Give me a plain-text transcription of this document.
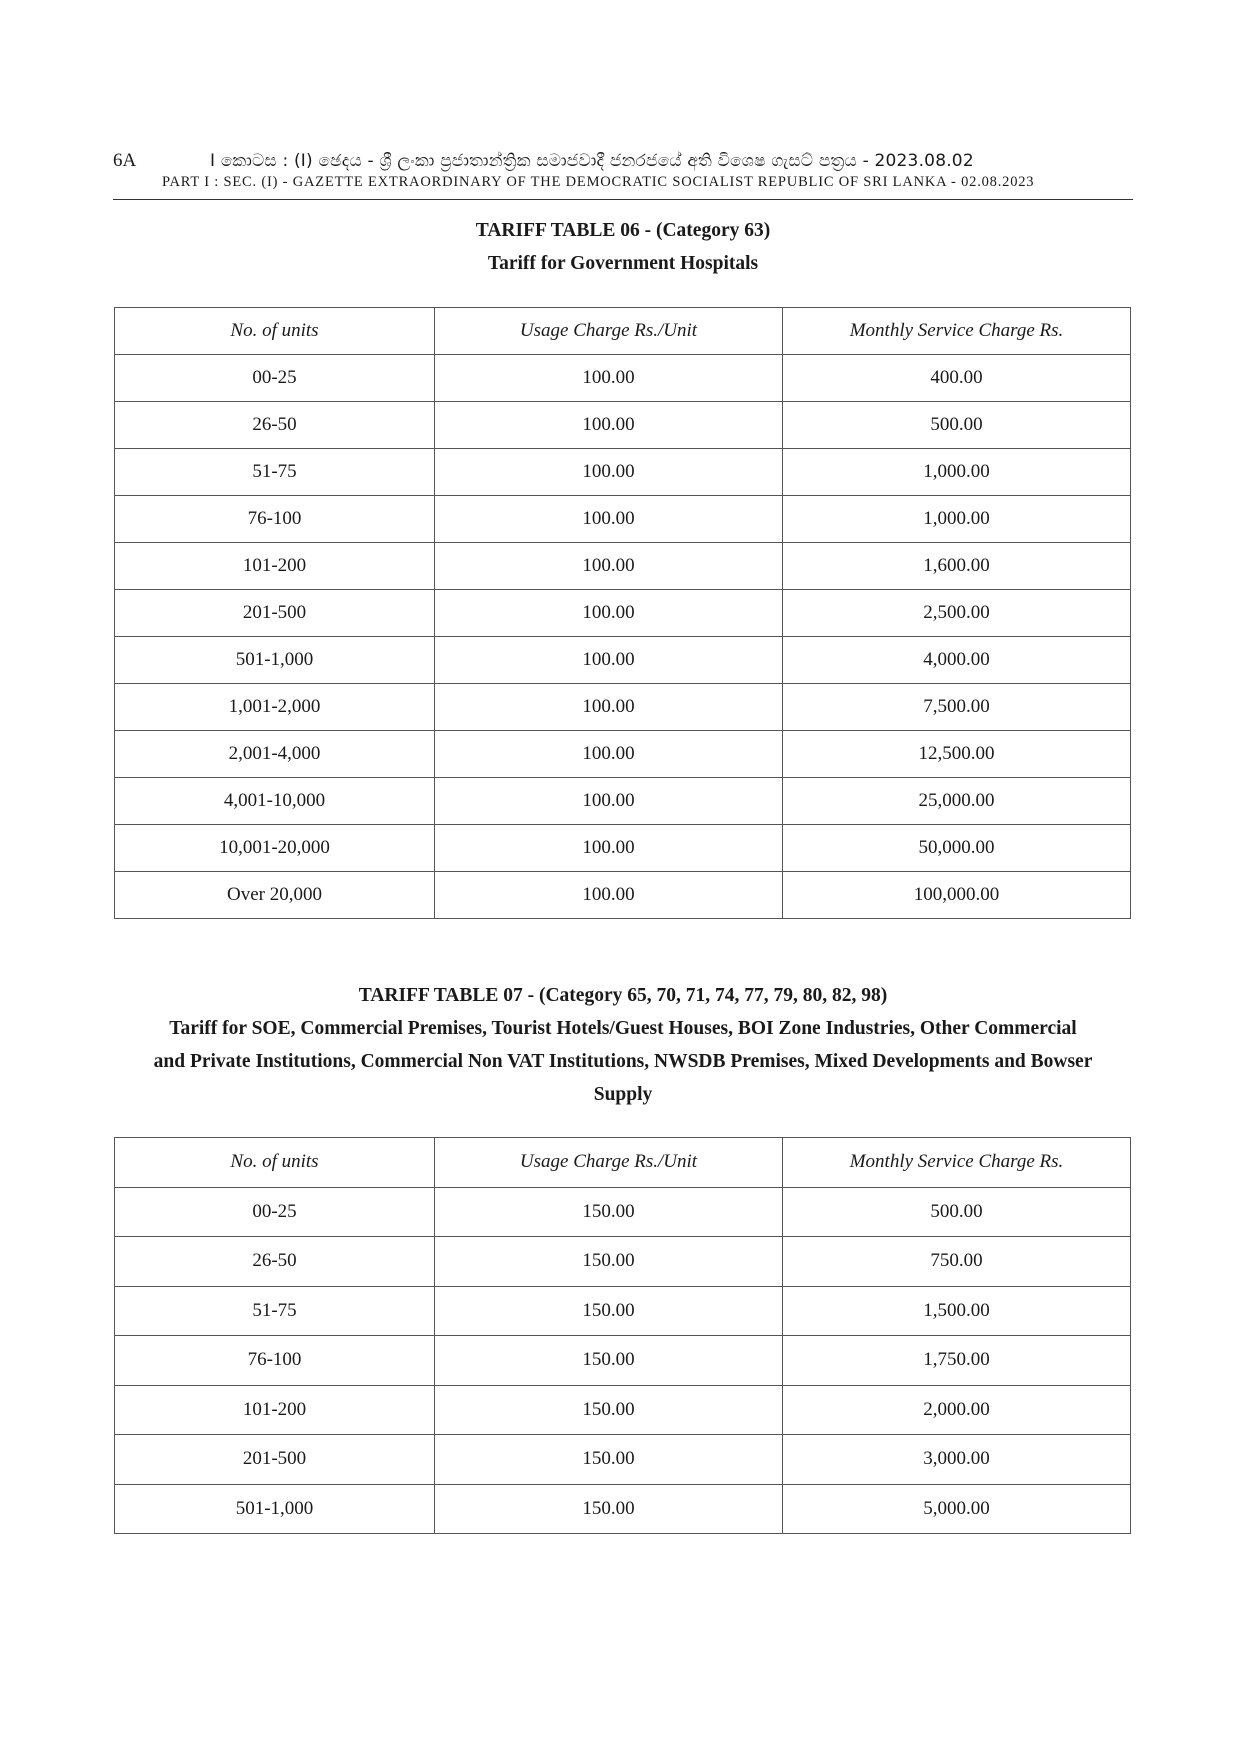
6A	I කොටස : (I) ඡෙදය - ශ්‍රී ලංකා ප්‍රජාතාන්ත්‍රික සමාජවාදී ජනරජයේ අති විශෙෂ ගැසට් පත්‍රය - 2023.08.02
PART I : SEC. (I) - GAZETTE EXTRAORDINARY OF THE DEMOCRATIC SOCIALIST REPUBLIC OF SRI LANKA - 02.08.2023
TARIFF TABLE 06 - (Category 63)
Tariff for Government Hospitals
No. of units	Usage Charge Rs./Unit	Monthly Service Charge Rs.
00-25	100.00	400.00
26-50	100.00	500.00
51-75	100.00	1,000.00
76-100	100.00	1,000.00
101-200	100.00	1,600.00
201-500	100.00	2,500.00
501-1,000	100.00	4,000.00
1,001-2,000	100.00	7,500.00
2,001-4,000	100.00	12,500.00
4,001-10,000	100.00	25,000.00
10,001-20,000	100.00	50,000.00
Over 20,000	100.00	100,000.00
TARIFF TABLE 07 - (Category 65, 70, 71, 74, 77, 79, 80, 82, 98)
Tariff for SOE, Commercial Premises, Tourist Hotels/Guest Houses, BOI Zone Industries, Other Commercial
and Private Institutions, Commercial Non VAT Institutions, NWSDB Premises, Mixed Developments and Bowser
Supply
No. of units	Usage Charge Rs./Unit	Monthly Service Charge Rs.
00-25	150.00	500.00
26-50	150.00	750.00
51-75	150.00	1,500.00
76-100	150.00	1,750.00
101-200	150.00	2,000.00
201-500	150.00	3,000.00
501-1,000	150.00	5,000.00
